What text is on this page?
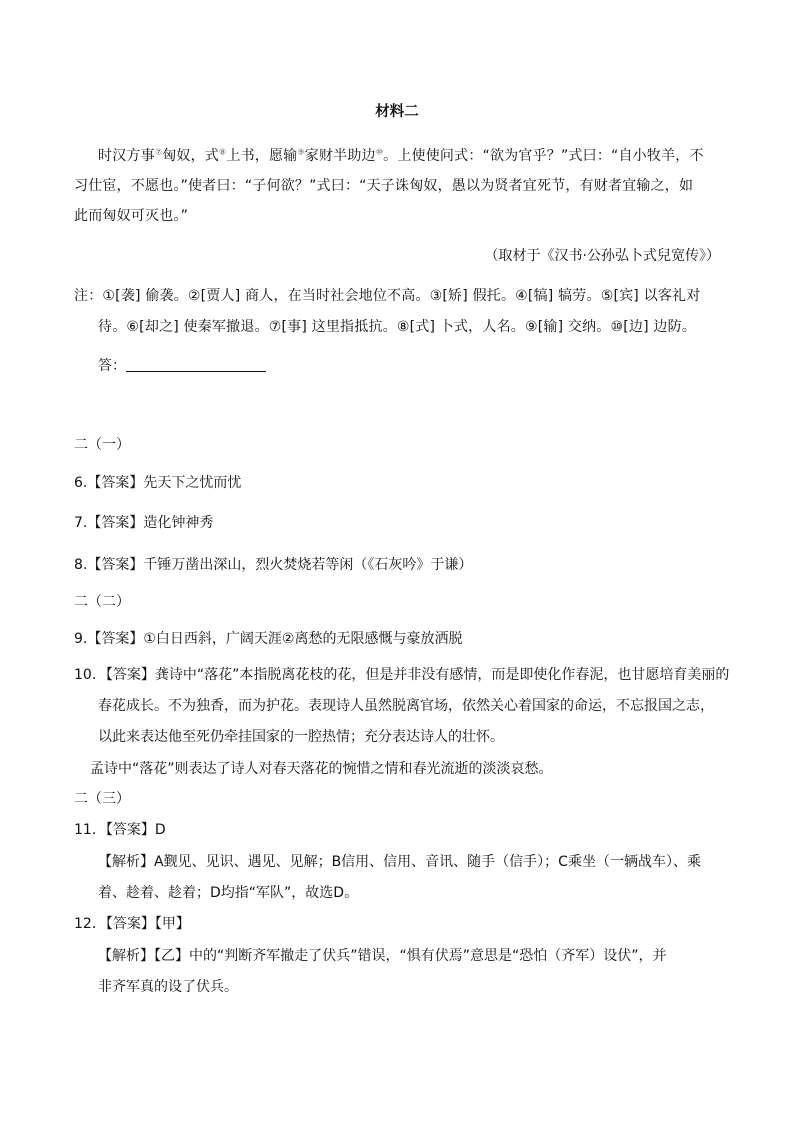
材料二
时汉方事⑦匈奴，式⑧上书，愿输⑨家财半助边⑩。上使使问式：“欲为官乎？”式曰：“自小牧羊，不
习仕宦，不愿也。”使者曰：“子何欲？”式曰：“天子诛匈奴，愚以为贤者宜死节，有财者宜输之，如
此而匈奴可灭也。”
（取材于《汉书·公孙弘卜式兒宽传》）
注：①[袭] 偷袭。②[贾人] 商人，在当时社会地位不高。③[矫] 假托。④[犒] 犒劳。⑤[宾] 以客礼对
待。⑥[却之] 使秦军撤退。⑦[事] 这里指抵抗。⑧[式] 卜式，人名。⑨[输] 交纳。⑩[边] 边防。
答：
二（一）
6.【答案】先天下之忧而忧
7.【答案】造化钟神秀
8.【答案】千锤万凿出深山，烈火焚烧若等闲（《石灰吟》于谦）
二（二）
9.【答案】①白日西斜，广阔天涯②离愁的无限感慨与豪放洒脱
10．【答案】龚诗中“落花”本指脱离花枝的花，但是并非没有感情，而是即使化作春泥，也甘愿培育美丽的
春花成长。不为独香，而为护花。表现诗人虽然脱离官场，依然关心着国家的命运，不忘报国之志，
以此来表达他至死仍牵挂国家的一腔热情；充分表达诗人的壮怀。
孟诗中“落花”则表达了诗人对春天落花的惋惜之情和春光流逝的淡淡哀愁。
二（三）
11．【答案】D
【解析】A觐见、见识、遇见、见解；B信用、信用、音讯、随手（信手）；C乘坐（一辆战车）、乘
着、趁着、趁着；D均指“军队”，故选D。
12．【答案】【甲】
【解析】【乙】中的“判断齐军撤走了伏兵”错误，“惧有伏焉”意思是“恐怕（齐军）设伏”，并
非齐军真的设了伏兵。
